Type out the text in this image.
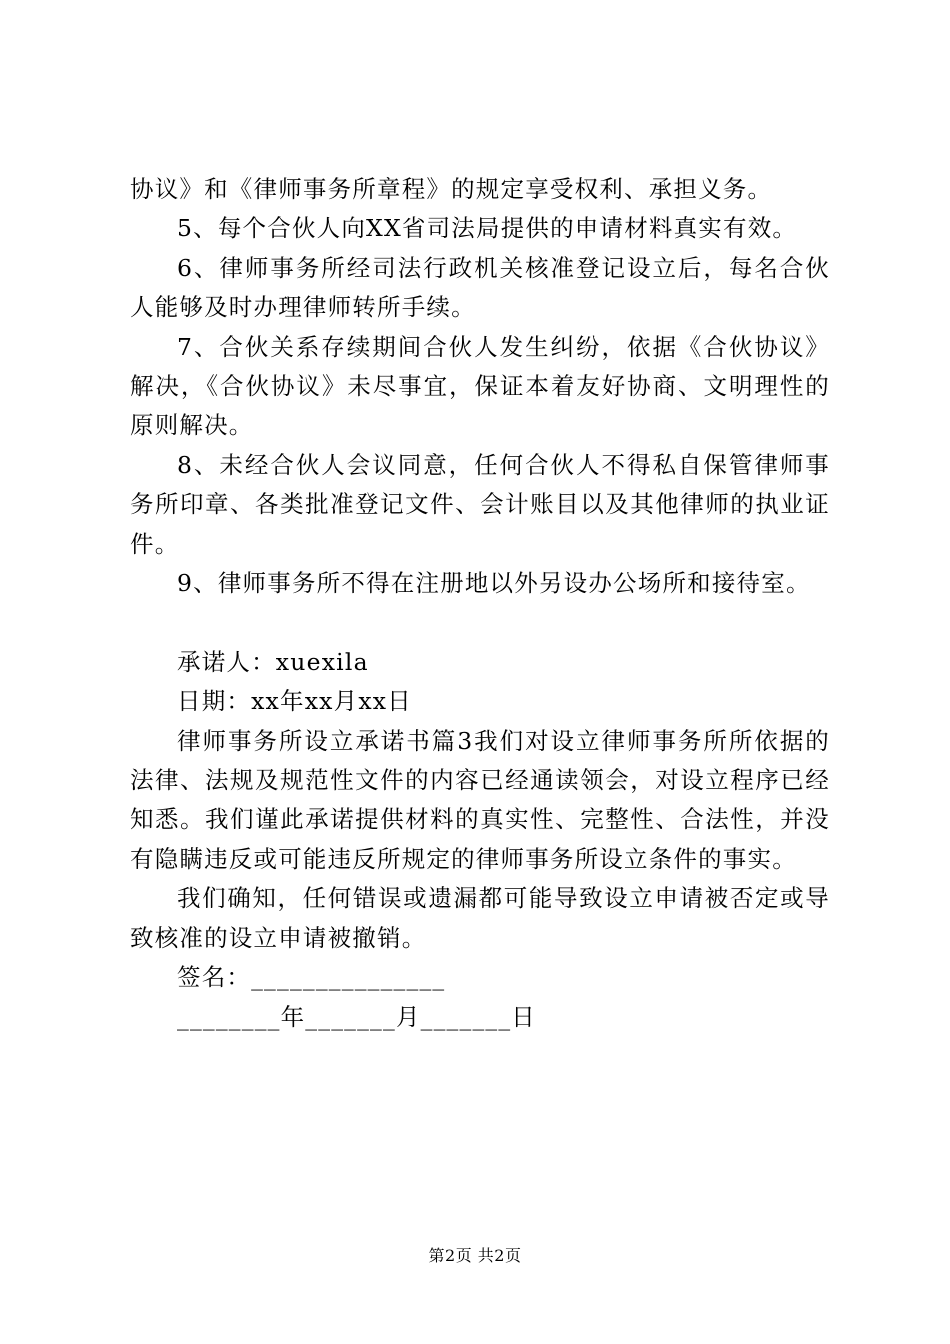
协议》和《律师事务所章程》的规定享受权利、承担义务。

5、每个合伙人向XX省司法局提供的申请材料真实有效。

6、律师事务所经司法行政机关核准登记设立后，每名合伙人能够及时办理律师转所手续。

7、合伙关系存续期间合伙人发生纠纷，依据《合伙协议》解决，《合伙协议》未尽事宜，保证本着友好协商、文明理性的原则解决。

8、未经合伙人会议同意，任何合伙人不得私自保管律师事务所印章、各类批准登记文件、会计账目以及其他律师的执业证件。

9、律师事务所不得在注册地以外另设办公场所和接待室。

承诺人：xuexila

日期：xx年xx月xx日

律师事务所设立承诺书篇3我们对设立律师事务所所依据的法律、法规及规范性文件的内容已经通读领会，对设立程序已经知悉。我们谨此承诺提供材料的真实性、完整性、合法性，并没有隐瞒违反或可能违反所规定的律师事务所设立条件的事实。

我们确知，任何错误或遗漏都可能导致设立申请被否定或导致核准的设立申请被撤销。

签名：_______________

________年_______月_______日

第2页 共2页
